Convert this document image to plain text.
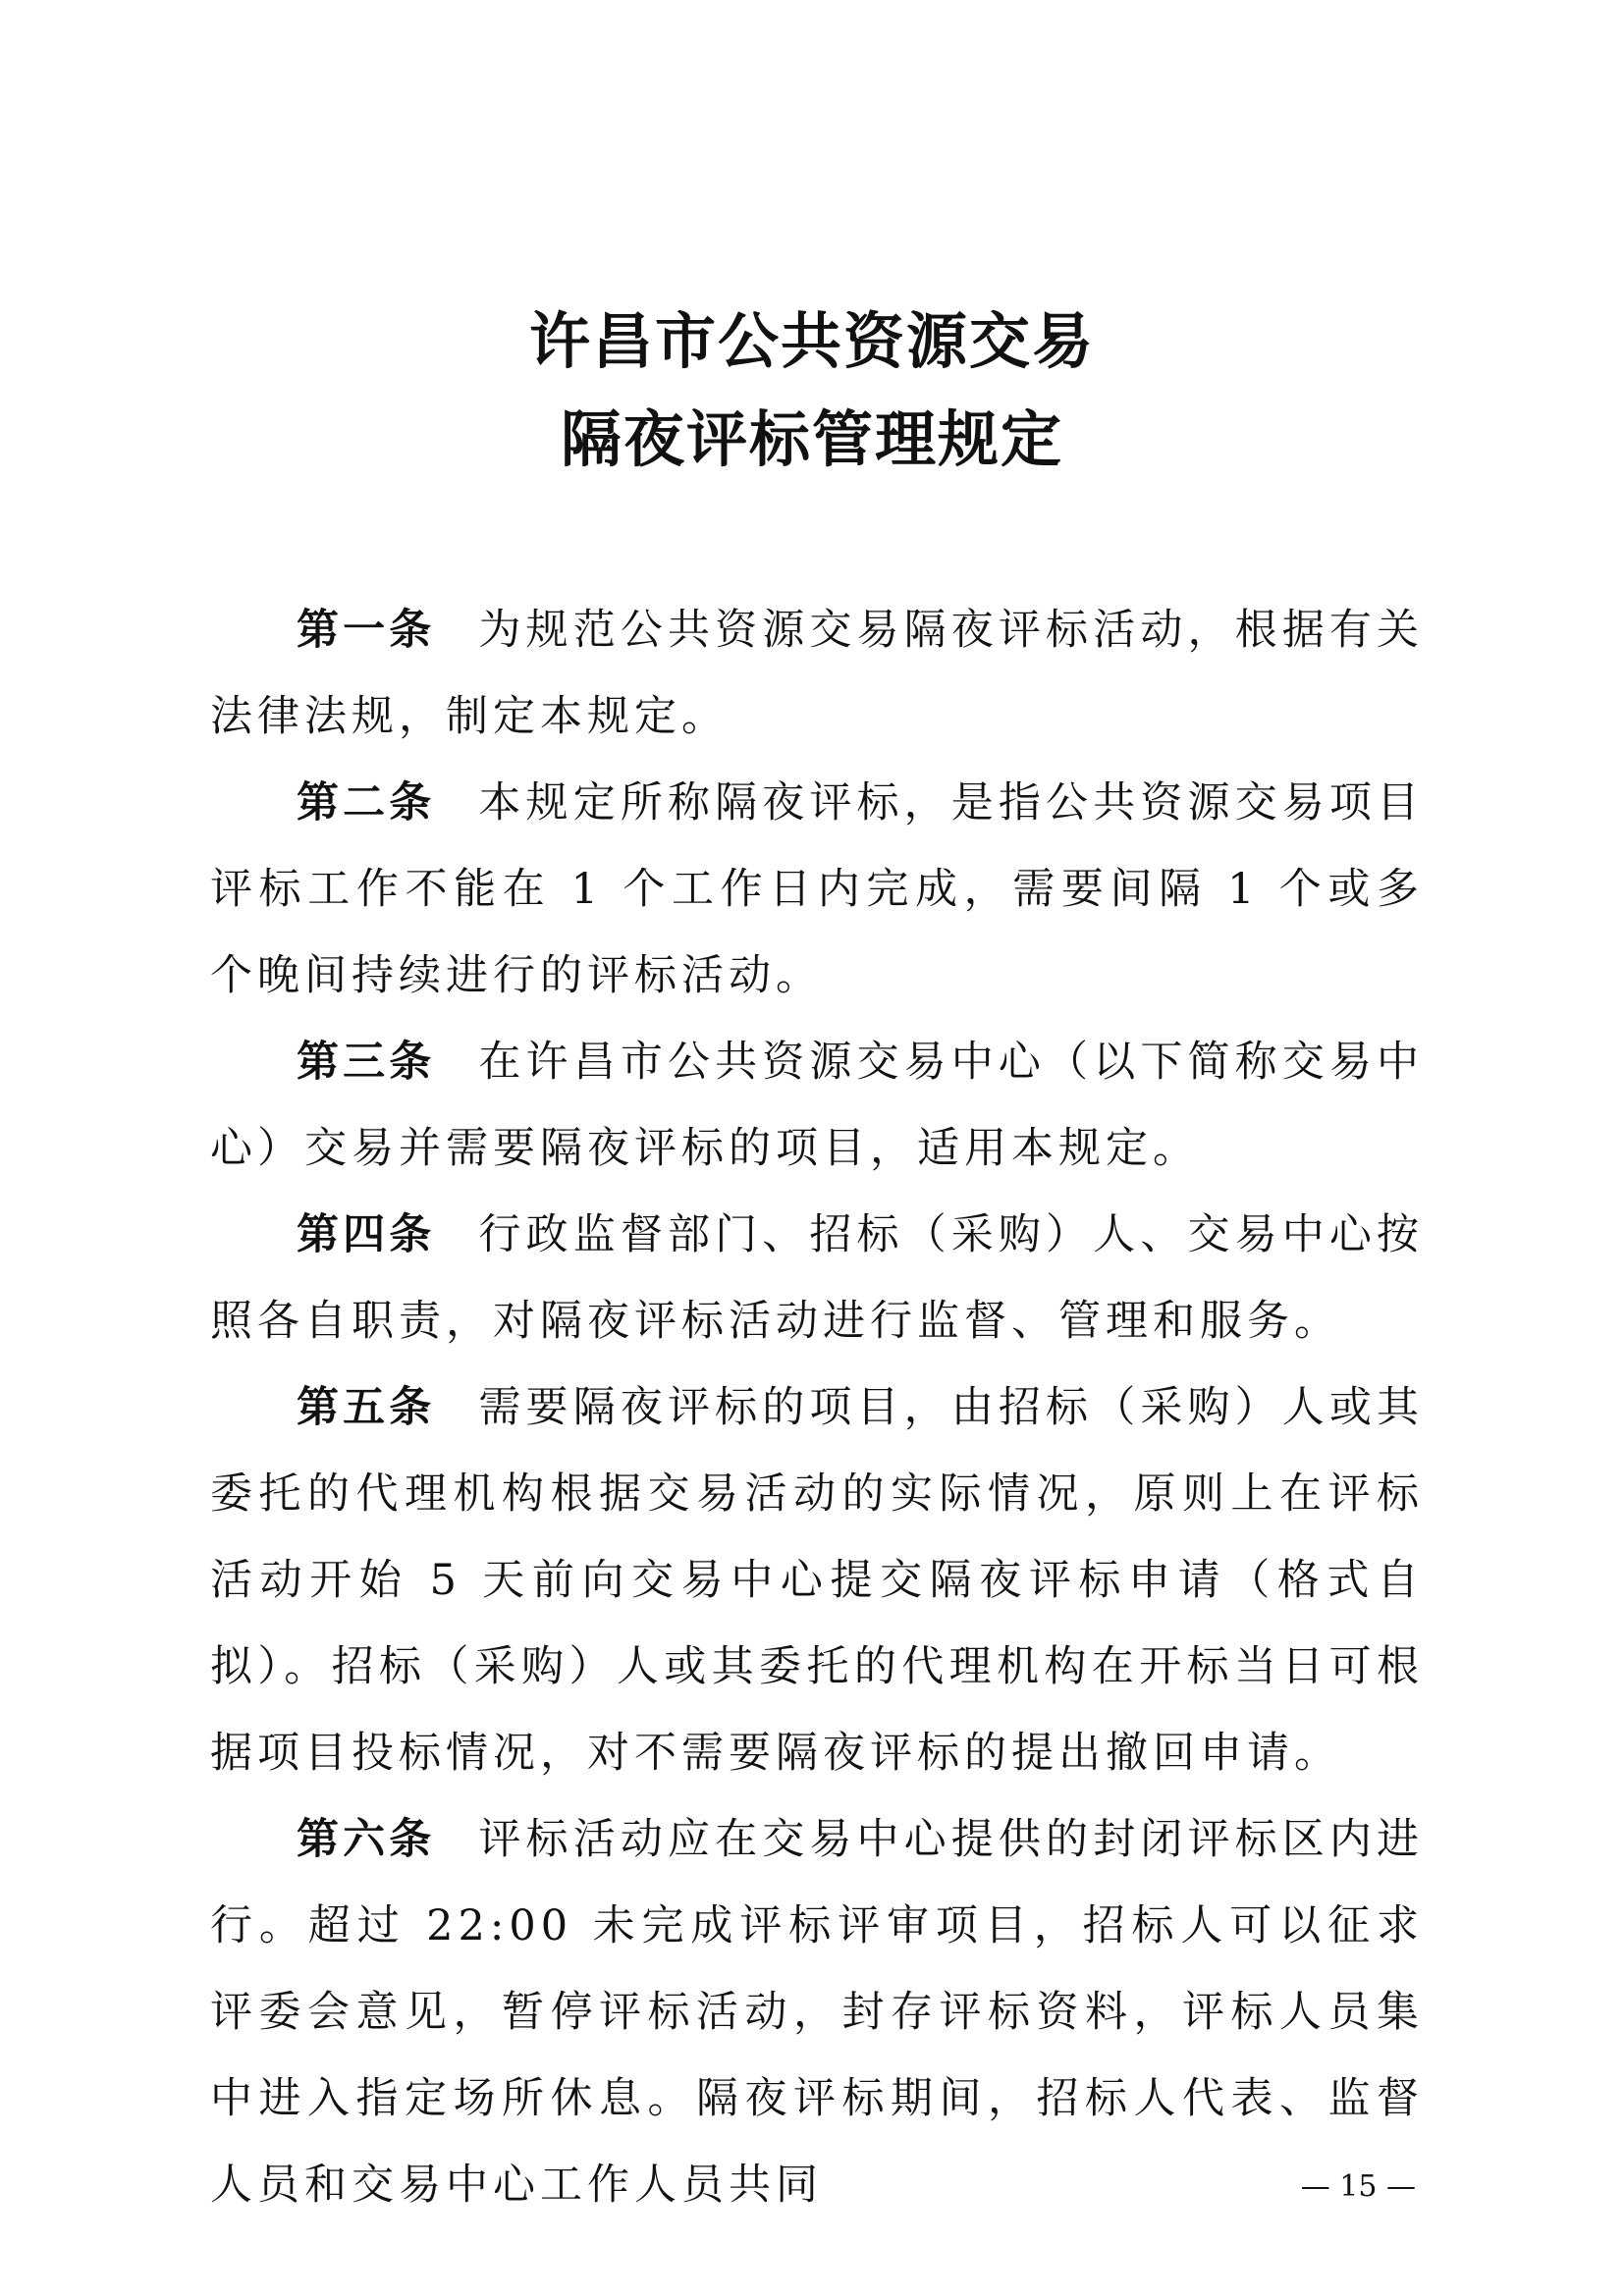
许昌市公共资源交易
隔夜评标管理规定

第一条 为规范公共资源交易隔夜评标活动，根据有关法律法规，制定本规定。

第二条 本规定所称隔夜评标，是指公共资源交易项目评标工作不能在 1 个工作日内完成，需要间隔 1 个或多个晚间持续进行的评标活动。

第三条 在许昌市公共资源交易中心（以下简称交易中心）交易并需要隔夜评标的项目，适用本规定。

第四条 行政监督部门、招标（采购）人、交易中心按照各自职责，对隔夜评标活动进行监督、管理和服务。

第五条 需要隔夜评标的项目，由招标（采购）人或其委托的代理机构根据交易活动的实际情况，原则上在评标活动开始 5 天前向交易中心提交隔夜评标申请（格式自拟）。招标（采购）人或其委托的代理机构在开标当日可根据项目投标情况，对不需要隔夜评标的提出撤回申请。

第六条 评标活动应在交易中心提供的封闭评标区内进行。超过 22:00 未完成评标评审项目，招标人可以征求评委会意见，暂停评标活动，封存评标资料，评标人员集中进入指定场所休息。隔夜评标期间，招标人代表、监督人员和交易中心工作人员共同	— 15 —
